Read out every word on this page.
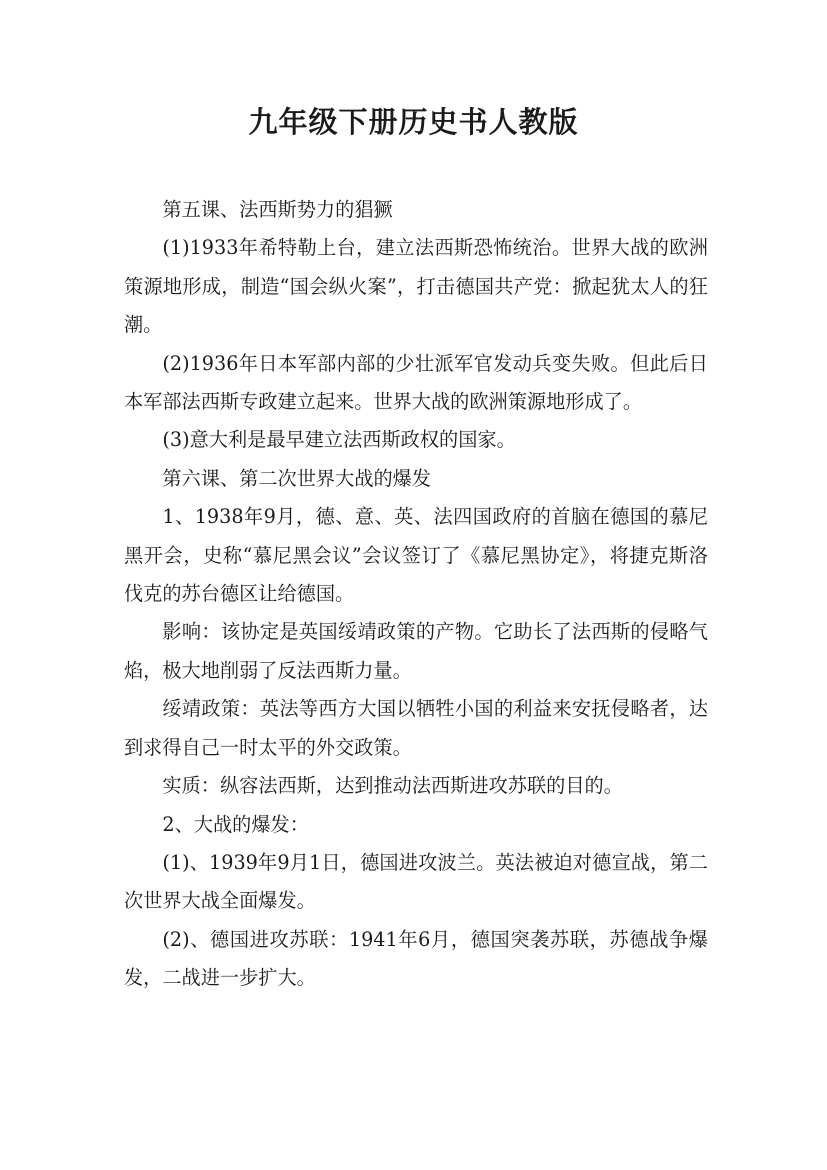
九年级下册历史书人教版

第五课、法西斯势力的猖獗

(1)1933年希特勒上台，建立法西斯恐怖统治。世界大战的欧洲策源地形成，制造“国会纵火案”，打击德国共产党：掀起犹太人的狂潮。

(2)1936年日本军部内部的少壮派军官发动兵变失败。但此后日本军部法西斯专政建立起来。世界大战的欧洲策源地形成了。

(3)意大利是最早建立法西斯政权的国家。

第六课、第二次世界大战的爆发

1、1938年9月，德、意、英、法四国政府的首脑在德国的慕尼黑开会，史称“慕尼黑会议”会议签订了《慕尼黑协定》，将捷克斯洛伐克的苏台德区让给德国。

影响：该协定是英国绥靖政策的产物。它助长了法西斯的侵略气焰，极大地削弱了反法西斯力量。

绥靖政策：英法等西方大国以牺牲小国的利益来安抚侵略者，达到求得自己一时太平的外交政策。

实质：纵容法西斯，达到推动法西斯进攻苏联的目的。

2、大战的爆发：

(1)、1939年9月1日，德国进攻波兰。英法被迫对德宣战，第二次世界大战全面爆发。

(2)、德国进攻苏联：1941年6月，德国突袭苏联，苏德战争爆发，二战进一步扩大。
